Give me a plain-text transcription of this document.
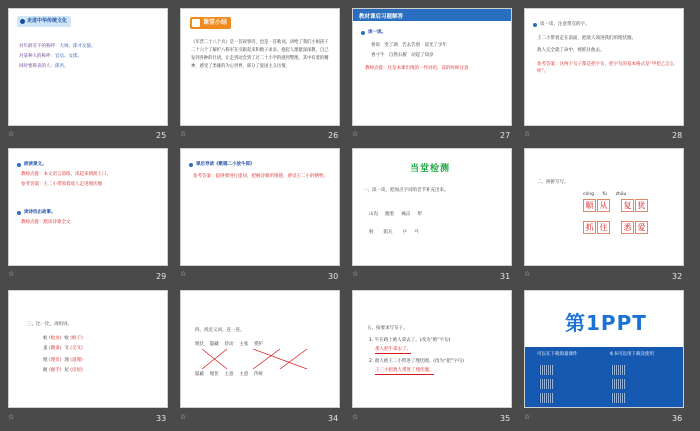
走进中华传统文化
对年龄差不的称呼：大帅、郎才女貌。
对某种人的称呼：官员、女郎。
回时要称表的人：郎君。
25
☆
课堂小结
《军营二十八个兵》是一首叙事诗，也是一首歌词。讲给了我们小姐孩子二十六个了解护八称军在引跟起来和数子求多。抱起人理建深深教，自己发到各种的壮请，让走到动会到了过二十小学的感到警理。其中有着的精神，感受了类雄的为心世界，部分了爱国主义历情。
26
☆
教材课后习题解答
读一读。
将说 变了调 告去告别 读光了少年
香寸牛 自然石板 动起了知岁
教师点拨：这是本课出现的一些词语，读的时候注意
27
☆
读一读，注意带点的字。
王二小带着走在前面，把敌人领进我们的埋伏圈。
敌人完全就了命中，被抓住他去。
参考答案：这两个句子都是把字句，把字句的基本格式是“甲把乙怎么样”。
28
☆
朗读课文。
教师点拨：本文语言简练，读起来朗朗上口。
参考答案：王二小带领着敌人走进埋伏圈
读诗找出故事。
教师点拨：默读诗歌全文
29
☆
课后导读《歌唱二小放牛郎》
参考答案：提供要进行提问，把握诗歌的情感，感受王二小的牺牲。
30
☆
当堂检测
一、读一读，把加点字词的音节补充出来。
山沟 跑着 痛击 犁
射 陷瓦 乒 乓
31
☆
二、拼拼写写。
cóng fù zhōu
顺 从	复 犹
抓 住	悉 爱
32
☆
三、比一比，再组词。
蚊 (蚊虫) 蚊 (蚊子)
蚤 (跳蚤) 叉 (交叉)
埋 (埋伏) 理 (道理)
握 (握手) 屋 (房屋)
33
☆
四、找近义词，连一连。
埋伏 隐藏 侍动 主张 愛护
隐蔽 埋伏 主意 主意 传统
34
☆
五、按要求写句子。
1. 牛在路上被人拿去了。(改为“被”字句)
那人把牛拿去了。
2. 敌人被王二小带进了埋伏圈。(改为“把”字句)
王二小把敌人带进了埋伏圈。
35
☆
第1PPT
可以在下载海量课件	本书可以用下载及使用
36
☆
